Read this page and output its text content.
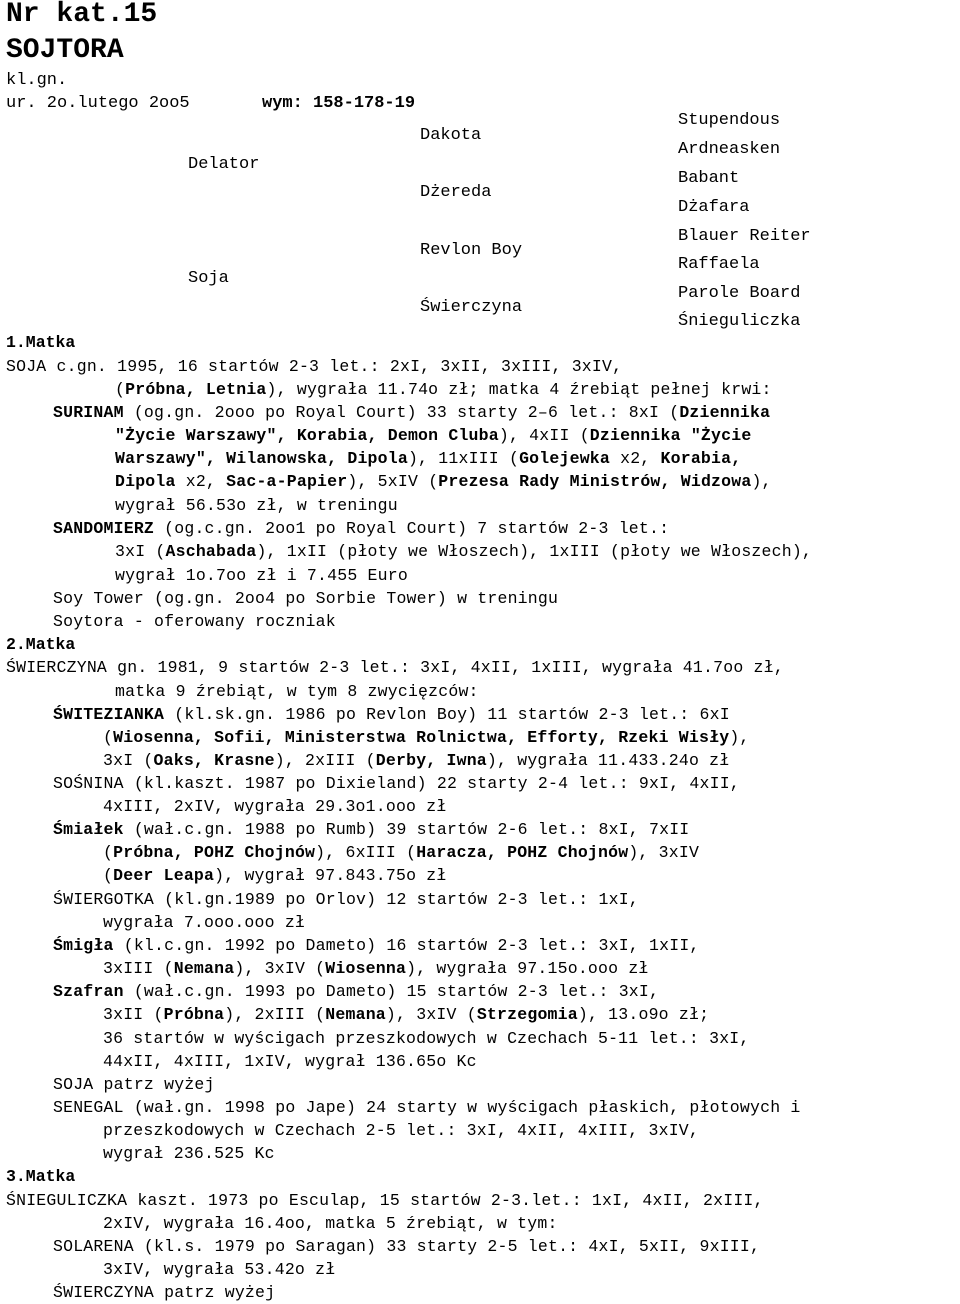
Nr kat.15
SOJTORA
kl.gn.
ur. 2o.lutego 2oo5	wym: 158-178-19
Delator
Soja
Dakota
Dżereda
Revlon Boy
Świerczyna
Stupendous
Ardneasken
Babant
Dżafara
Blauer Reiter
Raffaela
Parole Board
Śnieguliczka
1.Matka
SOJA c.gn. 1995, 16 startów 2-3 let.: 2xI, 3xII, 3xIII, 3xIV,
(Próbna, Letnia), wygrała 11.74o zł; matka 4 źrebiąt pełnej krwi:
SURINAM (og.gn. 2ooo po Royal Court) 33 starty 2–6 let.: 8xI (Dziennika
"Życie Warszawy", Korabia, Demon Cluba), 4xII (Dziennika "Życie
Warszawy", Wilanowska, Dipola), 11xIII (Golejewka x2, Korabia,
Dipola x2, Sac-a-Papier), 5xIV (Prezesa Rady Ministrów, Widzowa),
wygrał 56.53o zł, w treningu
SANDOMIERZ (og.c.gn. 2oo1 po Royal Court) 7 startów 2-3 let.:
3xI (Aschabada), 1xII (płoty we Włoszech), 1xIII (płoty we Włoszech),
wygrał 1o.7oo zł i 7.455 Euro
Soy Tower (og.gn. 2oo4 po Sorbie Tower) w treningu
Soytora - oferowany roczniak
2.Matka
ŚWIERCZYNA gn. 1981, 9 startów 2-3 let.: 3xI, 4xII, 1xIII, wygrała 41.7oo zł,
matka 9 źrebiąt, w tym 8 zwycięzców:
ŚWITEZIANKA (kl.sk.gn. 1986 po Revlon Boy) 11 startów 2-3 let.: 6xI
(Wiosenna, Sofii, Ministerstwa Rolnictwa, Efforty, Rzeki Wisły),
3xI (Oaks, Krasne), 2xIII (Derby, Iwna), wygrała 11.433.24o zł
SOŚNINA (kl.kaszt. 1987 po Dixieland) 22 starty 2-4 let.: 9xI, 4xII,
4xIII, 2xIV, wygrała 29.3o1.ooo zł
Śmiałek (wał.c.gn. 1988 po Rumb) 39 startów 2-6 let.: 8xI, 7xII
(Próbna, POHZ Chojnów), 6xIII (Haracza, POHZ Chojnów), 3xIV
(Deer Leapa), wygrał 97.843.75o zł
ŚWIERGOTKA (kl.gn.1989 po Orlov) 12 startów 2-3 let.: 1xI,
wygrała 7.ooo.ooo zł
Śmigła (kl.c.gn. 1992 po Dameto) 16 startów 2-3 let.: 3xI, 1xII,
3xIII (Nemana), 3xIV (Wiosenna), wygrała 97.15o.ooo zł
Szafran (wał.c.gn. 1993 po Dameto) 15 startów 2-3 let.: 3xI,
3xII (Próbna), 2xIII (Nemana), 3xIV (Strzegomia), 13.o9o zł;
36 startów w wyścigach przeszkodowych w Czechach 5-11 let.: 3xI,
44xII, 4xIII, 1xIV, wygrał 136.65o Kc
SOJA patrz wyżej
SENEGAL (wał.gn. 1998 po Jape) 24 starty w wyścigach płaskich, płotowych i
przeszkodowych w Czechach 2-5 let.: 3xI, 4xII, 4xIII, 3xIV,
wygrał 236.525 Kc
3.Matka
ŚNIEGULICZKA kaszt. 1973 po Esculap, 15 startów 2-3.let.: 1xI, 4xII, 2xIII,
2xIV, wygrała 16.4oo, matka 5 źrebiąt, w tym:
SOLARENA (kl.s. 1979 po Saragan) 33 starty 2-5 let.: 4xI, 5xII, 9xIII,
3xIV, wygrała 53.42o zł
ŚWIERCZYNA patrz wyżej
